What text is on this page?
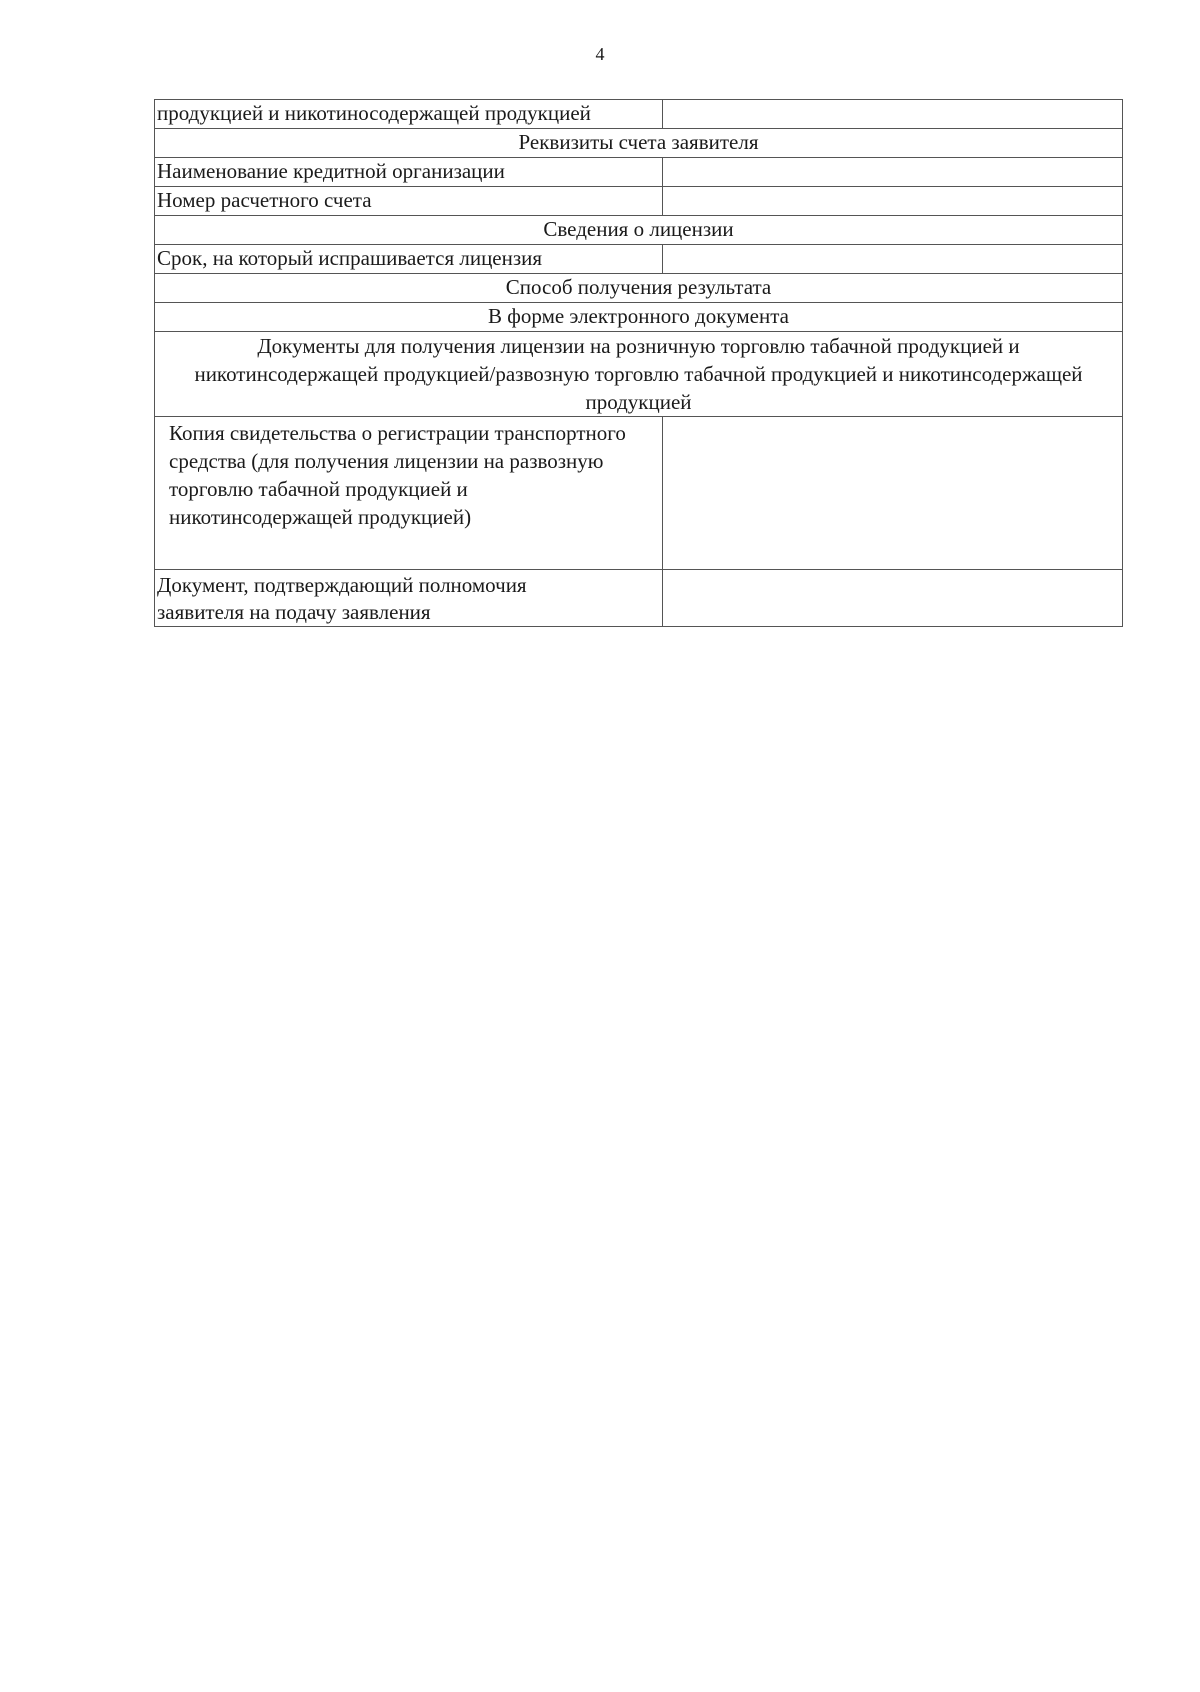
4
продукцией и никотиносодержащей продукцией	
Реквизиты счета заявителя	
Наименование кредитной организации	
Номер расчетного счета	
Сведения о лицензии	
Срок, на который испрашивается лицензия	
Способ получения результата	
В форме электронного документа	
Документы для получения лицензии на розничную торговлю табачной продукцией и никотинсодержащей продукцией/развозную торговлю табачной продукцией и никотинсодержащей продукцией	
Копия свидетельства о регистрации транспортного средства (для получения лицензии на развозную торговлю табачной продукцией и никотинсодержащей продукцией)	
Документ, подтверждающий полномочия заявителя на подачу заявления	
